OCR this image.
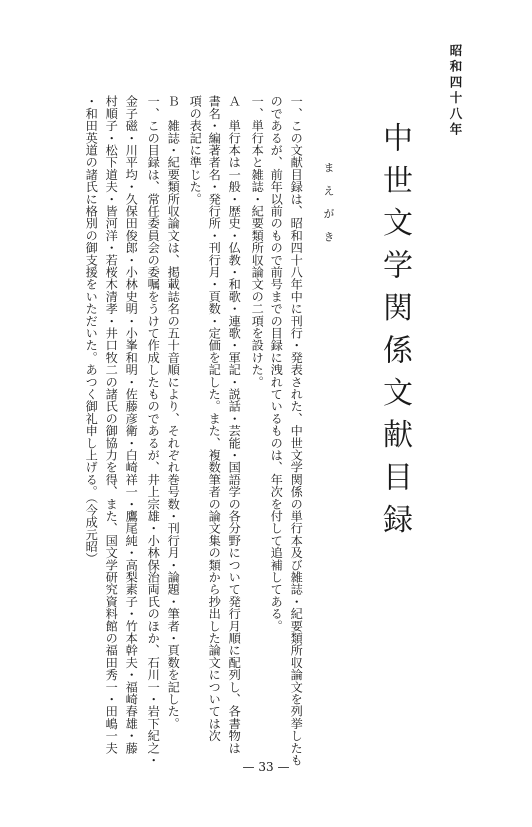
昭和四十八年
中世文学関係文献目録
まえがき
一、この文献目録は、昭和四十八年中に刊行・発表された、中世文学関係の単行本及び雑誌・紀要類所収論文を列挙したも
のであるが、前年以前のもので前号までの目録に洩れているものは、年次を付して追補してある。
一、単行本と雑誌・紀要類所収論文の二項を設けた。
Ａ　単行本は一般・歴史・仏教・和歌・連歌・軍記・説話・芸能・国語学の各分野について発行月順に配列し、各書物は
書名・編著者名・発行所・刊行月・頁数・定価を記した。また、複数筆者の論文集の類から抄出した論文については次
項の表記に準じた。
Ｂ　雑誌・紀要類所収論文は、掲載誌名の五十音順により、それぞれ巻号数・刊行月・論題・筆者・頁数を記した。
一、この目録は、常任委員会の委嘱をうけて作成したものであるが、井上宗雄・小林保治両氏のほか、石川一・岩下紀之・
金子磁・川平均・久保田俊郎・小林史明・小峯和明・佐藤彦衛・白崎祥一・鷹尾純・高梨素子・竹本幹夫・福崎春雄・藤
村順子・松下道夫・皆河洋・若桜木清孝・井口牧二の諸氏の御協力を得、また、国文学研究資料館の福田秀一・田嶋一夫
・和田英道の諸氏に格別の御支援をいただいた。あつく御礼申し上げる。（今成元昭）
— 33 —
